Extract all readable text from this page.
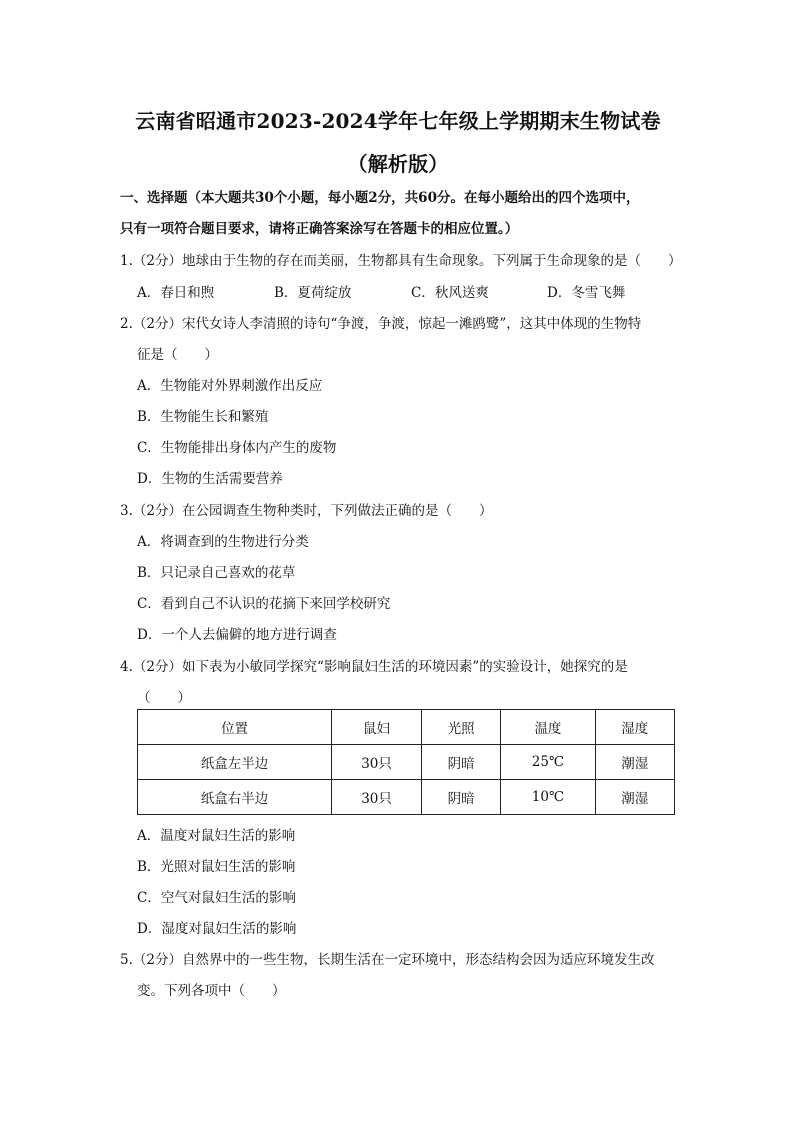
云南省昭通市2023-2024学年七年级上学期期末生物试卷（解析版）
一、选择题（本大题共30个小题，每小题2分，共60分。在每小题给出的四个选项中，
只有一项符合题目要求，请将正确答案涂写在答题卡的相应位置。）
1.（2分）地球由于生物的存在而美丽，生物都具有生命现象。下列属于生命现象的是（　　）
A．春日和煦	B．夏荷绽放	C．秋风送爽	D．冬雪飞舞
2.（2分）宋代女诗人李清照的诗句“争渡，争渡，惊起一滩鸥鹭”，这其中体现的生物特
征是（　　）
A．生物能对外界刺激作出反应
B．生物能生长和繁殖
C．生物能排出身体内产生的废物
D．生物的生活需要营养
3.（2分）在公园调查生物种类时，下列做法正确的是（　　）
A．将调查到的生物进行分类
B．只记录自己喜欢的花草
C．看到自己不认识的花摘下来回学校研究
D．一个人去偏僻的地方进行调查
4.（2分）如下表为小敏同学探究“影响鼠妇生活的环境因素”的实验设计，她探究的是
（　　）
位置	鼠妇	光照	温度	湿度
纸盒左半边	30只	阴暗	25℃	潮湿
纸盒右半边	30只	阴暗	10℃	潮湿
A．温度对鼠妇生活的影响
B．光照对鼠妇生活的影响
C．空气对鼠妇生活的影响
D．湿度对鼠妇生活的影响
5.（2分）自然界中的一些生物，长期生活在一定环境中，形态结构会因为适应环境发生改
变。下列各项中（　　）
